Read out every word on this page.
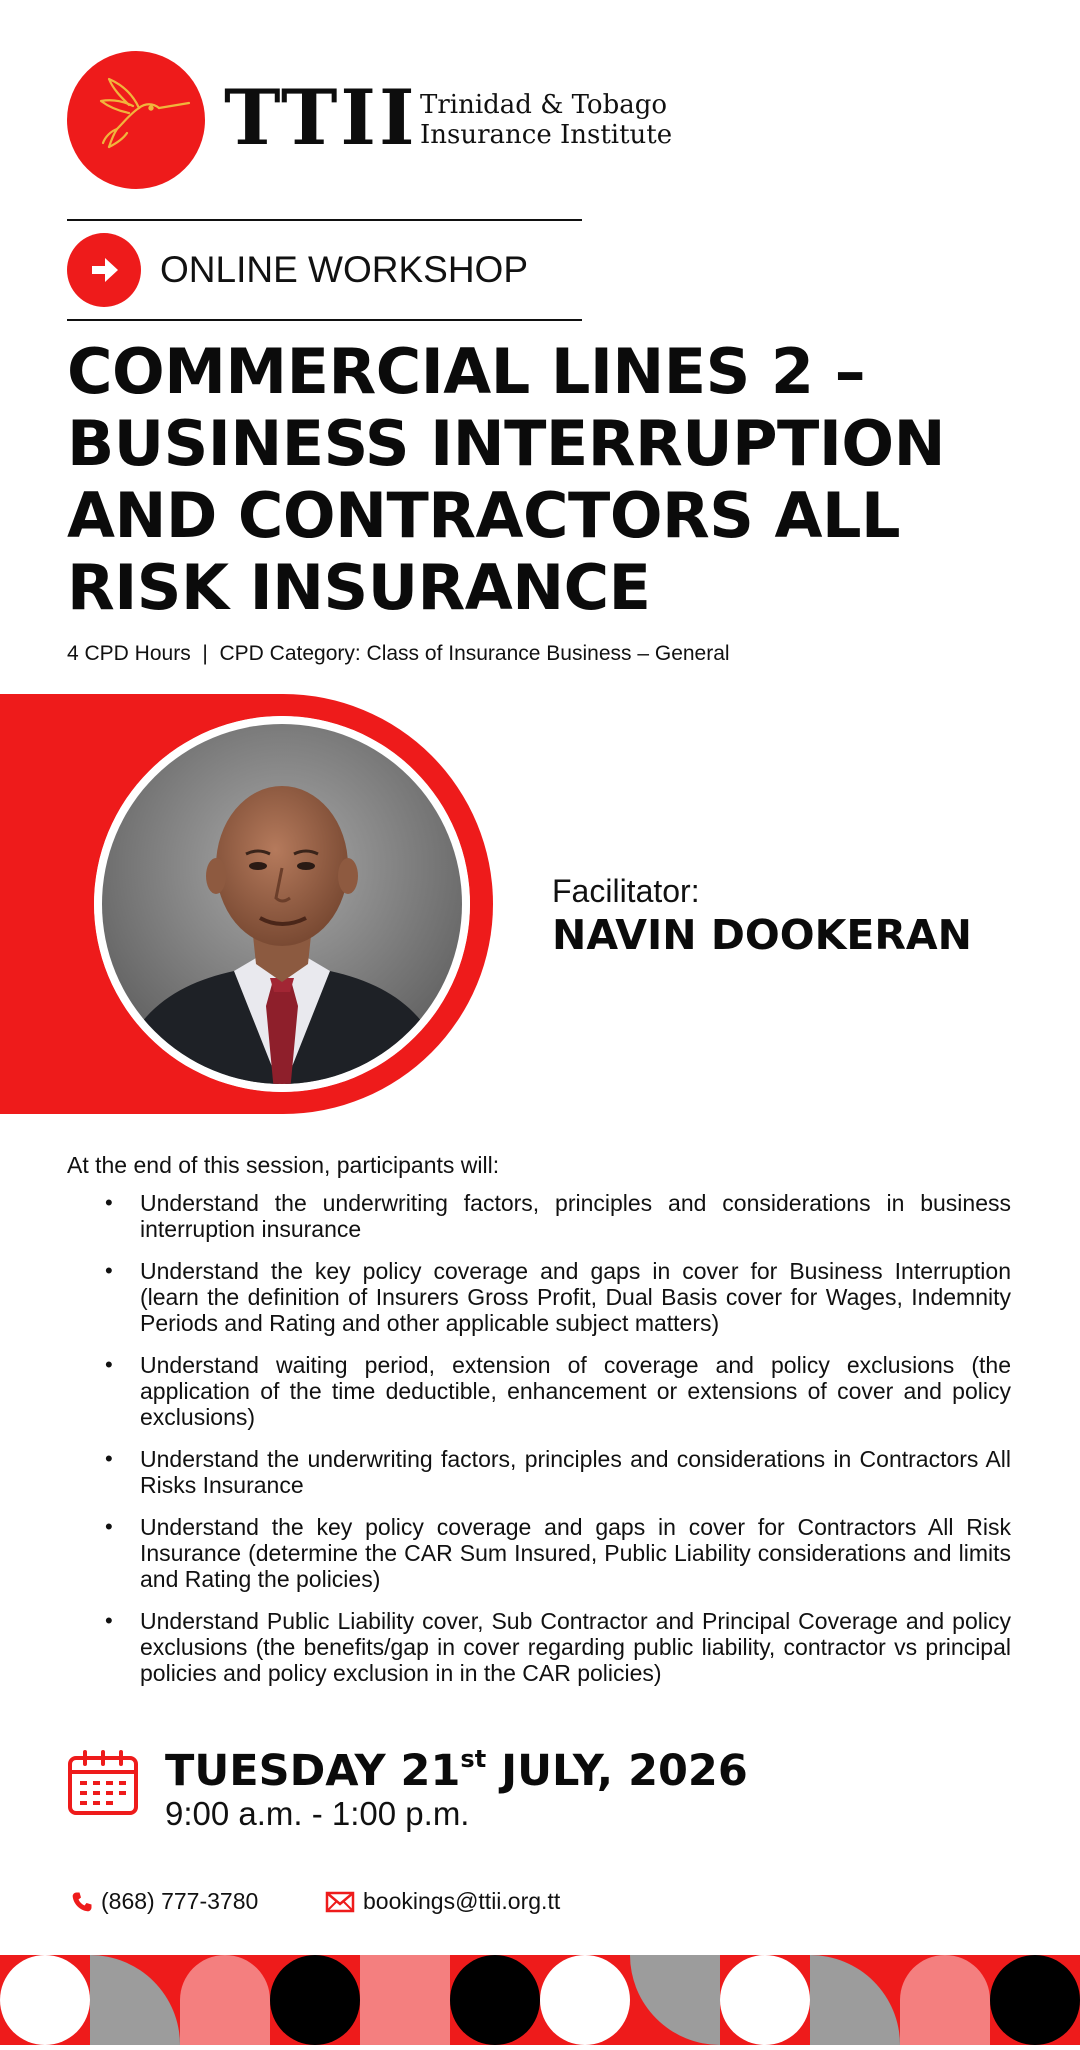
TTII Trinidad & Tobago
Insurance Institute
ONLINE WORKSHOP
COMMERCIAL LINES 2 –
BUSINESS INTERRUPTION
AND CONTRACTORS ALL
RISK INSURANCE
4 CPD Hours  |  CPD Category: Class of Insurance Business – General
Facilitator:
NAVIN DOOKERAN
At the end of this session, participants will:
• Understand the underwriting factors, principles and considerations in business interruption insurance
• Understand the key policy coverage and gaps in cover for Business Interruption (learn the definition of Insurers Gross Profit, Dual Basis cover for Wages, Indemnity Periods and Rating and other applicable subject matters)
• Understand waiting period, extension of coverage and policy exclusions (the application of the time deductible, enhancement or extensions of cover and policy exclusions)
• Understand the underwriting factors, principles and considerations in Contractors All Risks Insurance
• Understand the key policy coverage and gaps in cover for Contractors All Risk Insurance (determine the CAR Sum Insured, Public Liability considerations and limits and Rating the policies)
• Understand Public Liability cover, Sub Contractor and Principal Coverage and policy exclusions (the benefits/gap in cover regarding public liability, contractor vs principal policies and policy exclusion in in the CAR policies)
TUESDAY 21st JULY, 2026
9:00 a.m. - 1:00 p.m.
(868) 777-3780	bookings@ttii.org.tt
